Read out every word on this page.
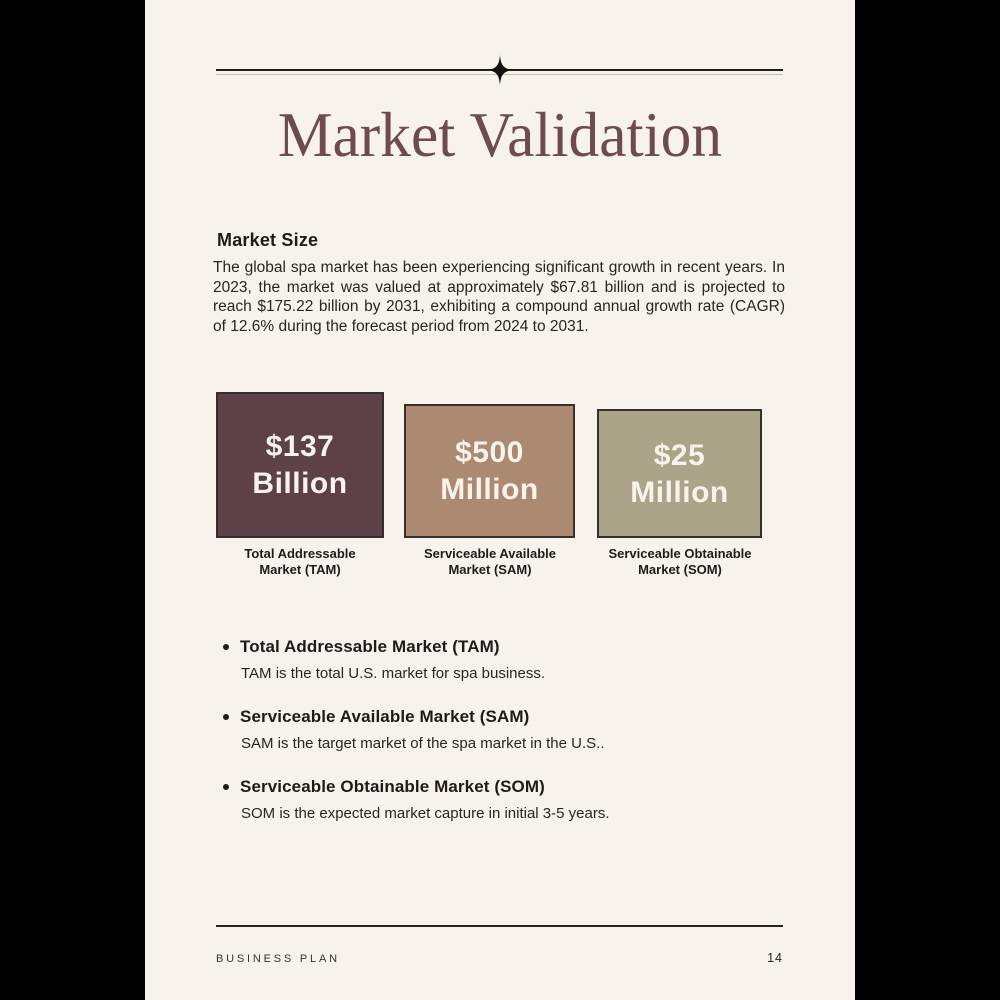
Market Validation
Market Size
The global spa market has been experiencing significant growth in recent years. In 2023, the market was valued at approximately $67.81 billion and is projected to reach $175.22 billion by 2031, exhibiting a compound annual growth rate (CAGR) of 12.6% during the forecast period from 2024 to 2031.
$137
Billion
$500
Million
$25
Million
Total Addressable
Market (TAM)
Serviceable Available
Market (SAM)
Serviceable Obtainable
Market (SOM)
Total Addressable Market (TAM)
TAM is the total U.S. market for spa business.
Serviceable Available Market (SAM)
SAM is the target market of the spa market in the U.S..
Serviceable Obtainable Market (SOM)
SOM is the expected market capture in initial 3-5 years.
BUSINESS PLAN	14
